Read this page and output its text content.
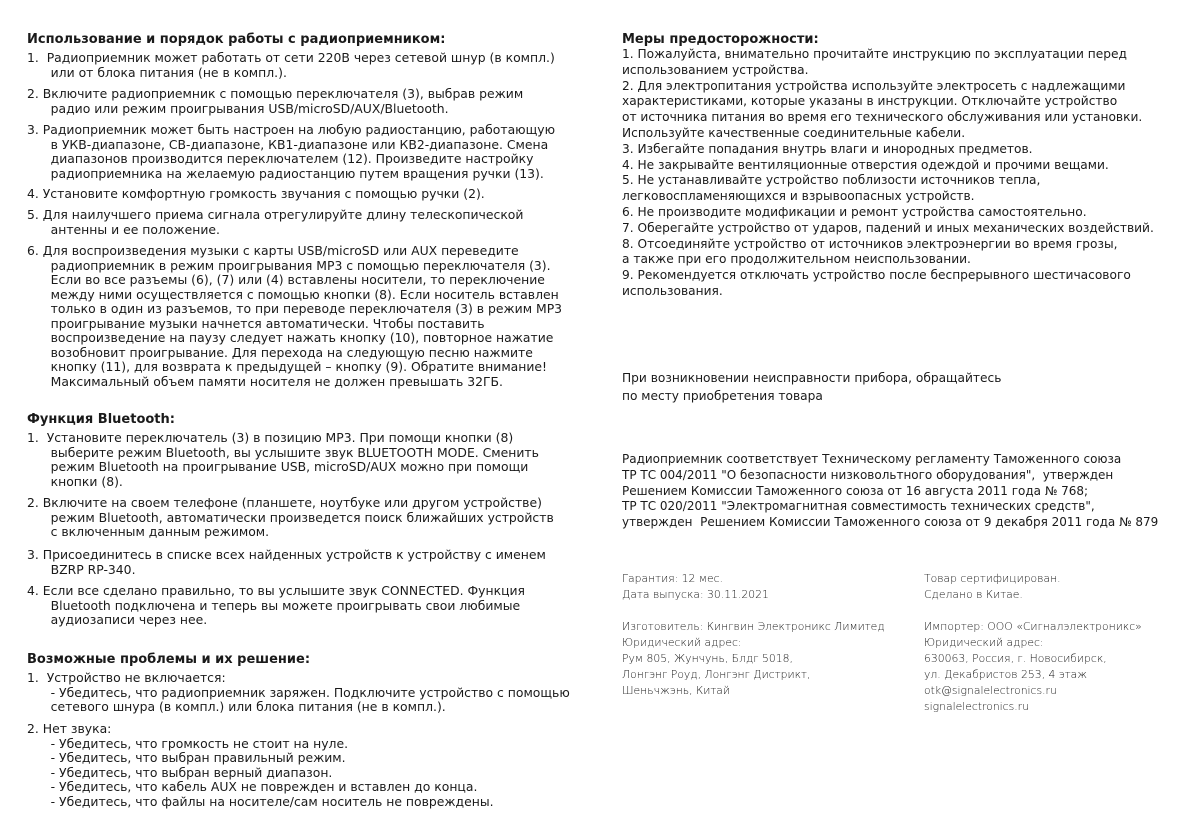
Использование и порядок работы с радиоприемником:
1.  Радиоприемник может работать от сети 220В через сетевой шнур (в компл.)
или от блока питания (не в компл.).
2. Включите радиоприемник с помощью переключателя (3), выбрав режим
радио или режим проигрывания USB/microSD/AUX/Bluetooth.
3. Радиоприемник может быть настроен на любую радиостанцию, работающую
в УКВ-диапазоне, СВ-диапазоне, КВ1-диапазоне или КВ2-диапазоне. Смена
диапазонов производится переключателем (12). Произведите настройку
радиоприемника на желаемую радиостанцию путем вращения ручки (13).
4. Установите комфортную громкость звучания с помощью ручки (2).
5. Для наилучшего приема сигнала отрегулируйте длину телескопической
антенны и ее положение.
6. Для воспроизведения музыки с карты USB/microSD или AUX переведите
радиоприемник в режим проигрывания MP3 с помощью переключателя (3).
Если во все разъемы (6), (7) или (4) вставлены носители, то переключение
между ними осуществляется с помощью кнопки (8). Если носитель вставлен
только в один из разъемов, то при переводе переключателя (3) в режим MP3
проигрывание музыки начнется автоматически. Чтобы поставить
воспроизведение на паузу следует нажать кнопку (10), повторное нажатие
возобновит проигрывание. Для перехода на следующую песню нажмите
кнопку (11), для возврата к предыдущей – кнопку (9). Обратите внимание!
Максимальный объем памяти носителя не должен превышать 32ГБ.
Функция Bluetooth:
1.  Установите переключатель (3) в позицию MP3. При помощи кнопки (8)
выберите режим Bluetooth, вы услышите звук BLUETOOTH MODE. Сменить
режим Bluetooth на проигрывание USB, microSD/AUX можно при помощи
кнопки (8).
2. Включите на своем телефоне (планшете, ноутбуке или другом устройстве)
режим Bluetooth, автоматически произведется поиск ближайших устройств
с включенным данным режимом.
3. Присоединитесь в списке всех найденных устройств к устройству с именем
BZRP RP-340.
4. Если все сделано правильно, то вы услышите звук CONNECTED. Функция
Bluetooth подключена и теперь вы можете проигрывать свои любимые
аудиозаписи через нее.
Возможные проблемы и их решение:
1.  Устройство не включается:
- Убедитесь, что радиоприемник заряжен. Подключите устройство с помощью
сетевого шнура (в компл.) или блока питания (не в компл.).
2. Нет звука:
- Убедитесь, что громкость не стоит на нуле.
- Убедитесь, что выбран правильный режим.
- Убедитесь, что выбран верный диапазон.
- Убедитесь, что кабель AUX не поврежден и вставлен до конца.
- Убедитесь, что файлы на носителе/сам носитель не повреждены.
Меры предосторожности:
1. Пожалуйста, внимательно прочитайте инструкцию по эксплуатации перед
использованием устройства.
2. Для электропитания устройства используйте электросеть с надлежащими
характеристиками, которые указаны в инструкции. Отключайте устройство
от источника питания во время его технического обслуживания или установки.
Используйте качественные соединительные кабели.
3. Избегайте попадания внутрь влаги и инородных предметов.
4. Не закрывайте вентиляционные отверстия одеждой и прочими вещами.
5. Не устанавливайте устройство поблизости источников тепла,
легковоспламеняющихся и взрывоопасных устройств.
6. Не производите модификации и ремонт устройства самостоятельно.
7. Оберегайте устройство от ударов, падений и иных механических воздействий.
8. Отсоединяйте устройство от источников электроэнергии во время грозы,
а также при его продолжительном неиспользовании.
9. Рекомендуется отключать устройство после беспрерывного шестичасового
использования.
При возникновении неисправности прибора, обращайтесь
по месту приобретения товара
Радиоприемник соответствует Техническому регламенту Таможенного союза
ТР ТС 004/2011 "О безопасности низковольтного оборудования",  утвержден
Решением Комиссии Таможенного союза от 16 августа 2011 года № 768;
ТР ТС 020/2011 "Электромагнитная совместимость технических средств",
утвержден  Решением Комиссии Таможенного союза от 9 декабря 2011 года № 879
Гарантия: 12 мес.
Дата выпуска: 30.11.2021
Товар сертифицирован.
Сделано в Китае.
Изготовитель: Кингвин Электроникс Лимитед
Юридический адрес:
Рум 805, Жунчунь, Блдг 5018,
Лонгэнг Роуд, Лонгэнг Дистрикт,
Шеньчжэнь, Китай
Импортер: ООО «Сигналэлектроникс»
Юридический адрес:
630063, Россия, г. Новосибирск,
ул. Декабристов 253, 4 этаж
otk@signalelectronics.ru
signalelectronics.ru
